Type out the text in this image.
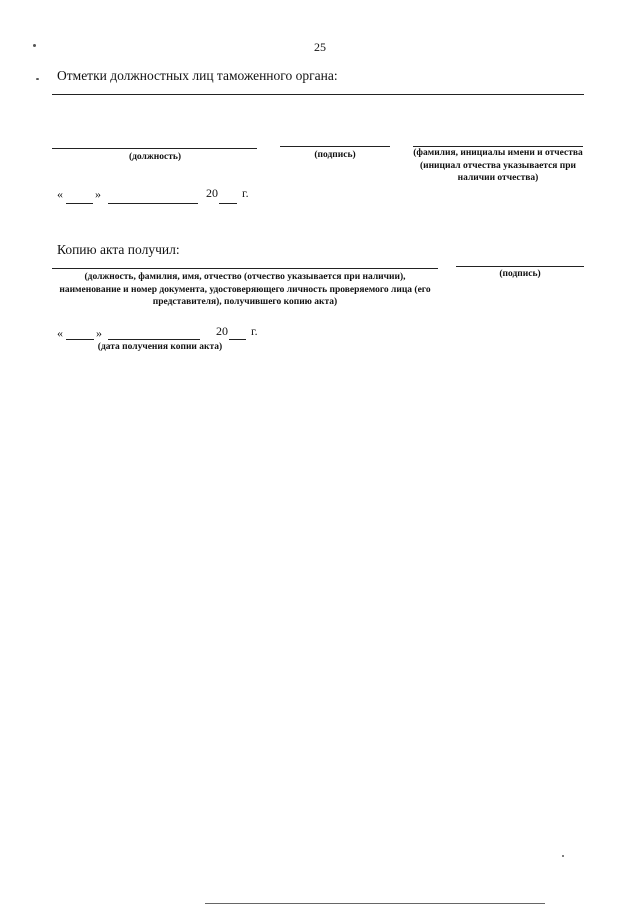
25
Отметки должностных лиц таможенного органа:
(должность)	(подпись)	(фамилия, инициалы имени и отчества (инициал отчества указывается при наличии отчества)
«	»	20 г.
Копию акта получил:
(должность, фамилия, имя, отчество (отчество указывается при наличии), наименование и номер документа, удостоверяющего личность проверяемого лица (его представителя), получившего копию акта)
(подпись)
«	»	20 г.
(дата получения копии акта)
